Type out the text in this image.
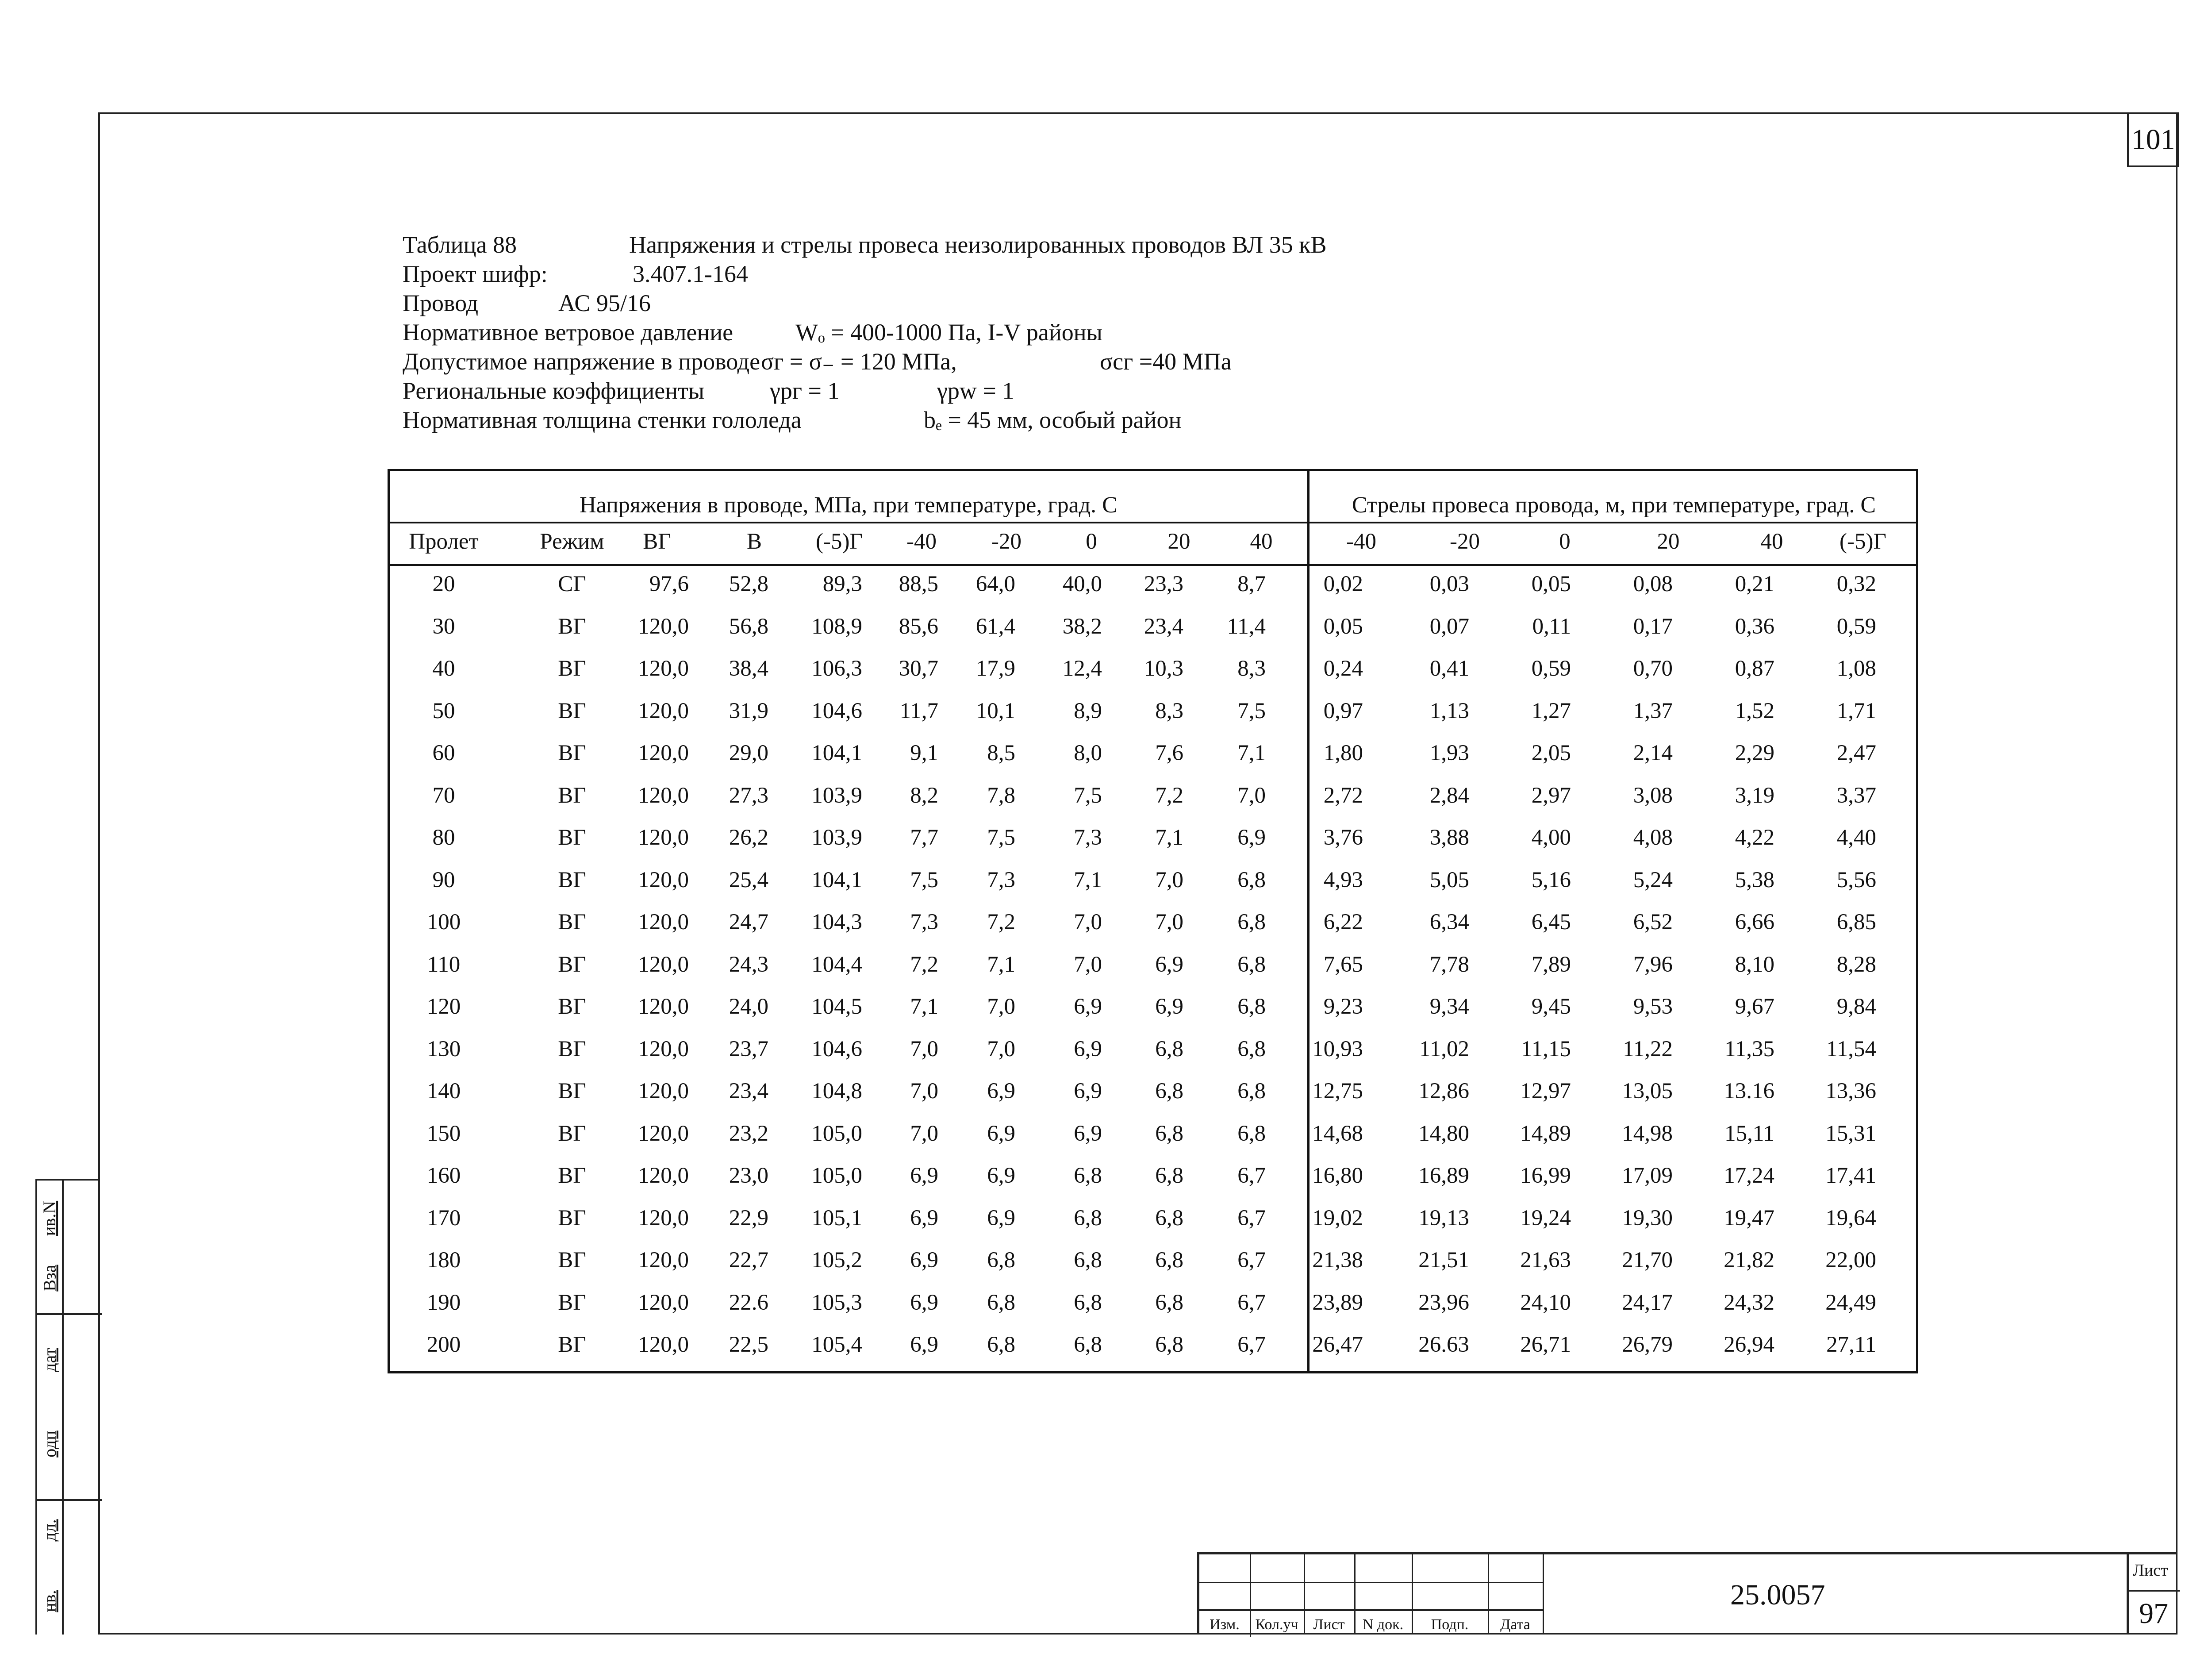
101
ив.N
Вза
дат
одп
дл.
нв.
Таблица 88	Напряжения и стрелы провеса неизолированных проводов ВЛ 35 кВ
Проект шифр:	3.407.1-164
Провод	АС 95/16
Нормативное ветровое давление	Wₒ = 400-1000 Па, I-V районы
Допустимое напряжение в проводе σг = σ₋ = 120 МПа,	σсг =40 МПа
Региональные коэффициенты	γрг = 1	γрw = 1
Нормативная толщина стенки гололеда	bₑ = 45 мм, особый район
Напряжения в проводе, МПа, при температуре, град. С	Стрелы провеса провода, м, при температуре, град. С
Пролет	Режим	ВГ	В	(-5)Г	-40	-20	0	20	40	-40	-20	0	20	40	(-5)Г
20	СГ	97,6	52,8	89,3	88,5	64,0	40,0	23,3	8,7	0,02	0,03	0,05	0,08	0,21	0,32
30	ВГ	120,0	56,8	108,9	85,6	61,4	38,2	23,4	11,4	0,05	0,07	0,11	0,17	0,36	0,59
40	ВГ	120,0	38,4	106,3	30,7	17,9	12,4	10,3	8,3	0,24	0,41	0,59	0,70	0,87	1,08
50	ВГ	120,0	31,9	104,6	11,7	10,1	8,9	8,3	7,5	0,97	1,13	1,27	1,37	1,52	1,71
60	ВГ	120,0	29,0	104,1	9,1	8,5	8,0	7,6	7,1	1,80	1,93	2,05	2,14	2,29	2,47
70	ВГ	120,0	27,3	103,9	8,2	7,8	7,5	7,2	7,0	2,72	2,84	2,97	3,08	3,19	3,37
80	ВГ	120,0	26,2	103,9	7,7	7,5	7,3	7,1	6,9	3,76	3,88	4,00	4,08	4,22	4,40
90	ВГ	120,0	25,4	104,1	7,5	7,3	7,1	7,0	6,8	4,93	5,05	5,16	5,24	5,38	5,56
100	ВГ	120,0	24,7	104,3	7,3	7,2	7,0	7,0	6,8	6,22	6,34	6,45	6,52	6,66	6,85
110	ВГ	120,0	24,3	104,4	7,2	7,1	7,0	6,9	6,8	7,65	7,78	7,89	7,96	8,10	8,28
120	ВГ	120,0	24,0	104,5	7,1	7,0	6,9	6,9	6,8	9,23	9,34	9,45	9,53	9,67	9,84
130	ВГ	120,0	23,7	104,6	7,0	7,0	6,9	6,8	6,8	10,93	11,02	11,15	11,22	11,35	11,54
140	ВГ	120,0	23,4	104,8	7,0	6,9	6,9	6,8	6,8	12,75	12,86	12,97	13,05	13.16	13,36
150	ВГ	120,0	23,2	105,0	7,0	6,9	6,9	6,8	6,8	14,68	14,80	14,89	14,98	15,11	15,31
160	ВГ	120,0	23,0	105,0	6,9	6,9	6,8	6,8	6,7	16,80	16,89	16,99	17,09	17,24	17,41
170	ВГ	120,0	22,9	105,1	6,9	6,9	6,8	6,8	6,7	19,02	19,13	19,24	19,30	19,47	19,64
180	ВГ	120,0	22,7	105,2	6,9	6,8	6,8	6,8	6,7	21,38	21,51	21,63	21,70	21,82	22,00
190	ВГ	120,0	22.6	105,3	6,9	6,8	6,8	6,8	6,7	23,89	23,96	24,10	24,17	24,32	24,49
200	ВГ	120,0	22,5	105,4	6,9	6,8	6,8	6,8	6,7	26,47	26.63	26,71	26,79	26,94	27,11
Изм.	Кол.уч Лист	N док.	Подп.	Дата
25.0057
Лист
97
